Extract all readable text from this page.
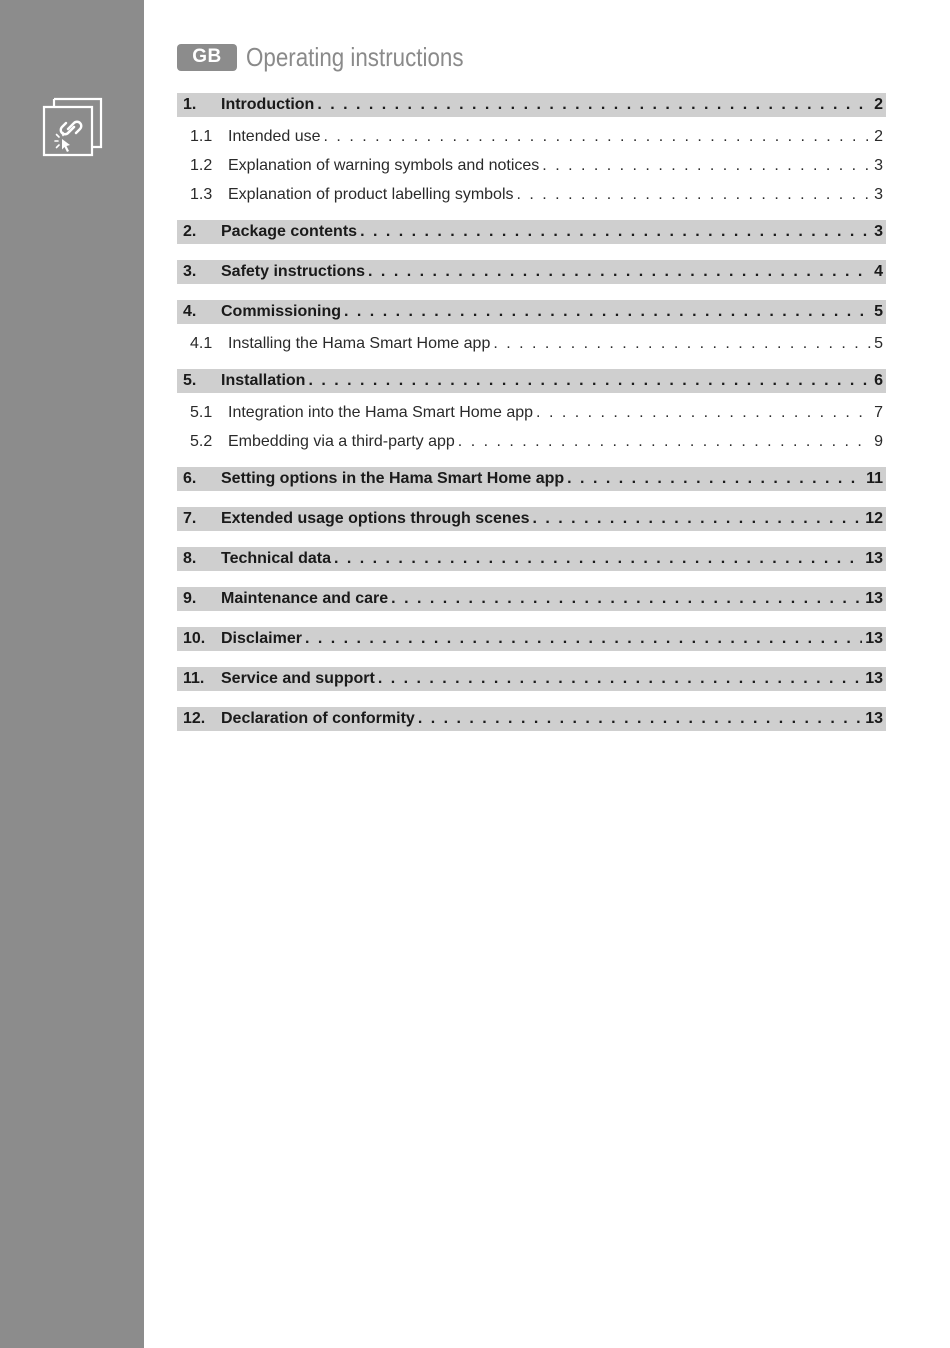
GB Operating instructions
1.	Introduction . . .	2
1.1 Intended use . . .	2
1.2 Explanation of warning symbols and notices . . .	3
1.3 Explanation of product labelling symbols . . .	3
2.	Package contents . . .	3
3.	Safety instructions . . .	4
4.	Commissioning . . .	5
4.1 Installing the Hama Smart Home app . . .	5
5.	Installation . . .	6
5.1 Integration into the Hama Smart Home app . . .	7
5.2 Embedding via a third-party app . . .	9
6.	Setting options in the Hama Smart Home app . . .	11
7.	Extended usage options through scenes . . .	12
8.	Technical data . . .	13
9.	Maintenance and care . . .	13
10. Disclaimer . . .	13
11.	Service and support . . .	13
12. Declaration of conformity . . .	13
